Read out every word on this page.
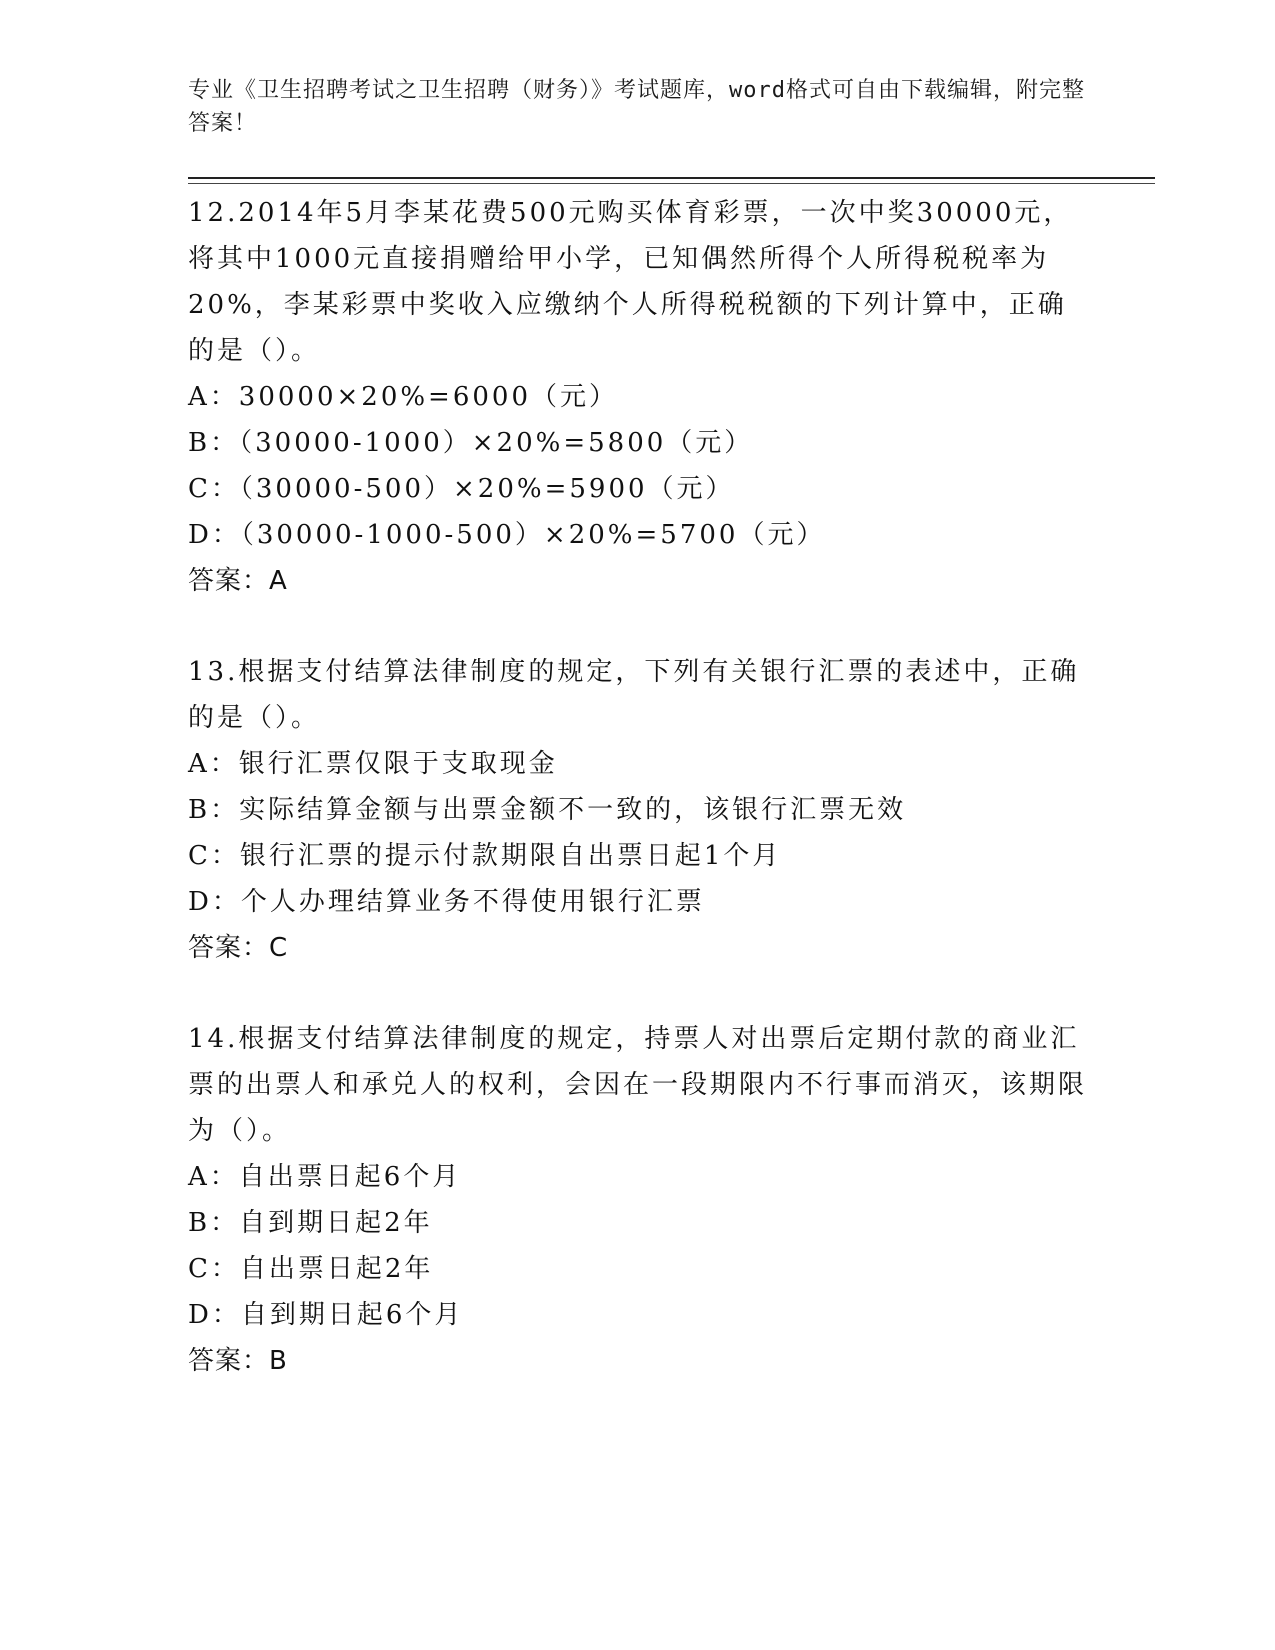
专业《卫生招聘考试之卫生招聘（财务）》考试题库，word格式可自由下载编辑，附完整答案！

12.2014年5月李某花费500元购买体育彩票，一次中奖30000元，将其中1000元直接捐赠给甲小学，已知偶然所得个人所得税税率为20%，李某彩票中奖收入应缴纳个人所得税税额的下列计算中，正确的是（）。

A：30000×20%=6000（元）

B：（30000-1000）×20%=5800（元）

C：（30000-500）×20%=5900（元）

D：（30000-1000-500）×20%=5700（元）

答案：A

13.根据支付结算法律制度的规定，下列有关银行汇票的表述中，正确的是（）。

A：银行汇票仅限于支取现金

B：实际结算金额与出票金额不一致的，该银行汇票无效

C：银行汇票的提示付款期限自出票日起1个月

D：个人办理结算业务不得使用银行汇票

答案：C

14.根据支付结算法律制度的规定，持票人对出票后定期付款的商业汇票的出票人和承兑人的权利，会因在一段期限内不行事而消灭，该期限为（）。

A：自出票日起6个月

B：自到期日起2年

C：自出票日起2年

D：自到期日起6个月

答案：B
